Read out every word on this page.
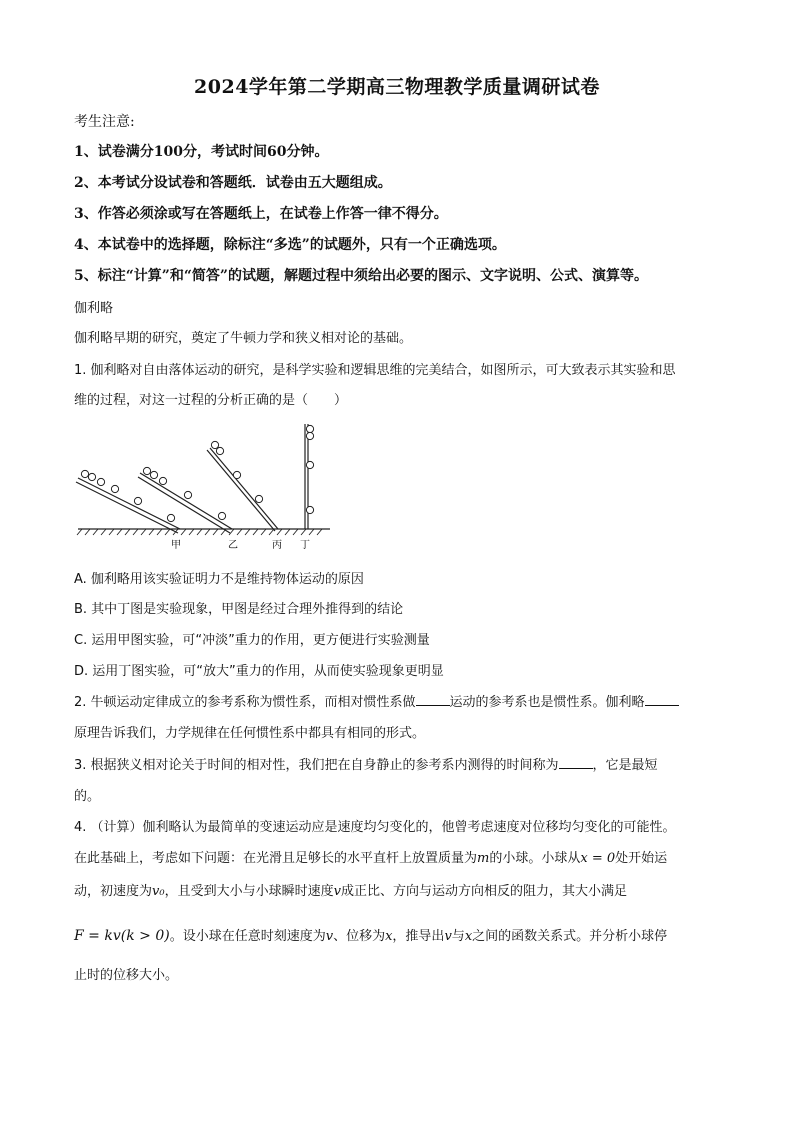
2024学年第二学期高三物理教学质量调研试卷
考生注意:
1、试卷满分100分，考试时间60分钟。
2、本考试分设试卷和答题纸．试卷由五大题组成。
3、作答必须涂或写在答题纸上，在试卷上作答一律不得分。
4、本试卷中的选择题，除标注“多选”的试题外，只有一个正确选项。
5、标注“计算”和“简答”的试题，解题过程中须给出必要的图示、文字说明、公式、演算等。
伽利略
伽利略早期的研究，奠定了牛顿力学和狭义相对论的基础。
1. 伽利略对自由落体运动的研究，是科学实验和逻辑思维的完美结合，如图所示，可大致表示其实验和思
维的过程，对这一过程的分析正确的是（　　）
甲	乙	丙 丁
A. 伽利略用该实验证明力不是维持物体运动的原因
B. 其中丁图是实验现象，甲图是经过合理外推得到的结论
C. 运用甲图实验，可“冲淡”重力的作用，更方便进行实验测量
D. 运用丁图实验，可“放大”重力的作用，从而使实验现象更明显
2. 牛顿运动定律成立的参考系称为惯性系，而相对惯性系做	运动的参考系也是惯性系。伽利略
原理告诉我们，力学规律在任何惯性系中都具有相同的形式。
3. 根据狭义相对论关于时间的相对性，我们把在自身静止的参考系内测得的时间称为	，它是最短
的。
4. （计算）伽利略认为最简单的变速运动应是速度均匀变化的，他曾考虑速度对位移均匀变化的可能性。
在此基础上，考虑如下问题：在光滑且足够长的水平直杆上放置质量为m的小球。小球从x = 0处开始运
动，初速度为v₀，且受到大小与小球瞬时速度v成正比、方向与运动方向相反的阻力，其大小满足
F = kv(k > 0)。设小球在任意时刻速度为v、位移为x，推导出v与x之间的函数关系式。并分析小球停
止时的位移大小。
